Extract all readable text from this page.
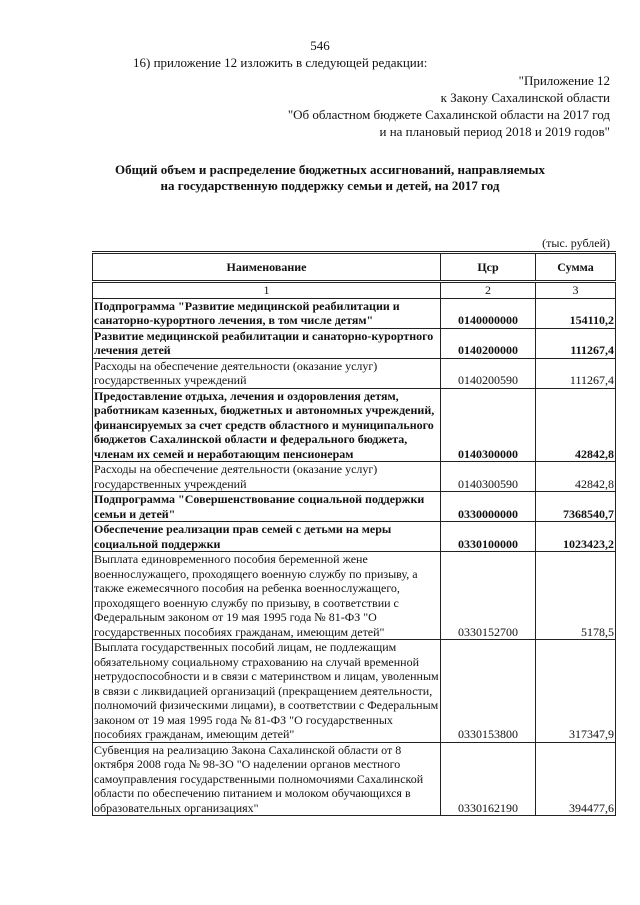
546
16) приложение 12 изложить в следующей редакции:
"Приложение 12
к Закону Сахалинской области
"Об областном бюджете Сахалинской области на 2017 год
и на плановый период 2018 и 2019 годов"
Общий объем и распределение бюджетных ассигнований, направляемых
на государственную поддержку семьи и детей, на 2017 год
(тыс. рублей)
Наименование	Цср	Сумма
1	2	3
Подпрограмма "Развитие медицинской реабилитации и санаторно-курортного лечения, в том числе детям"	0140000000	154110,2
Развитие медицинской реабилитации и санаторно-курортного лечения детей	0140200000	111267,4
Расходы на обеспечение деятельности (оказание услуг) государственных учреждений	0140200590	111267,4
Предоставление отдыха, лечения и оздоровления детям, работникам казенных, бюджетных и автономных учреждений, финансируемых за счет средств областного и муниципального бюджетов Сахалинской области и федерального бюджета, членам их семей и неработающим пенсионерам	0140300000	42842,8
Расходы на обеспечение деятельности (оказание услуг) государственных учреждений	0140300590	42842,8
Подпрограмма "Совершенствование социальной поддержки семьи и детей"	0330000000	7368540,7
Обеспечение реализации прав семей с детьми на меры социальной поддержки	0330100000	1023423,2
Выплата единовременного пособия беременной жене военнослужащего, проходящего военную службу по призыву, а также ежемесячного пособия на ребенка военнослужащего, проходящего военную службу по призыву, в соответствии с Федеральным законом от 19 мая 1995 года № 81-ФЗ "О государственных пособиях гражданам, имеющим детей"	0330152700	5178,5
Выплата государственных пособий лицам, не подлежащим обязательному социальному страхованию на случай временной нетрудоспособности и в связи с материнством и лицам, уволенным в связи с ликвидацией организаций (прекращением деятельности, полномочий физическими лицами), в соответствии с Федеральным законом от 19 мая 1995 года № 81-ФЗ "О государственных пособиях гражданам, имеющим детей"	0330153800	317347,9
Субвенция на реализацию Закона Сахалинской области от 8 октября 2008 года № 98-ЗО "О наделении органов местного самоуправления государственными полномочиями Сахалинской области по обеспечению питанием и молоком обучающихся в образовательных организациях"	0330162190	394477,6
